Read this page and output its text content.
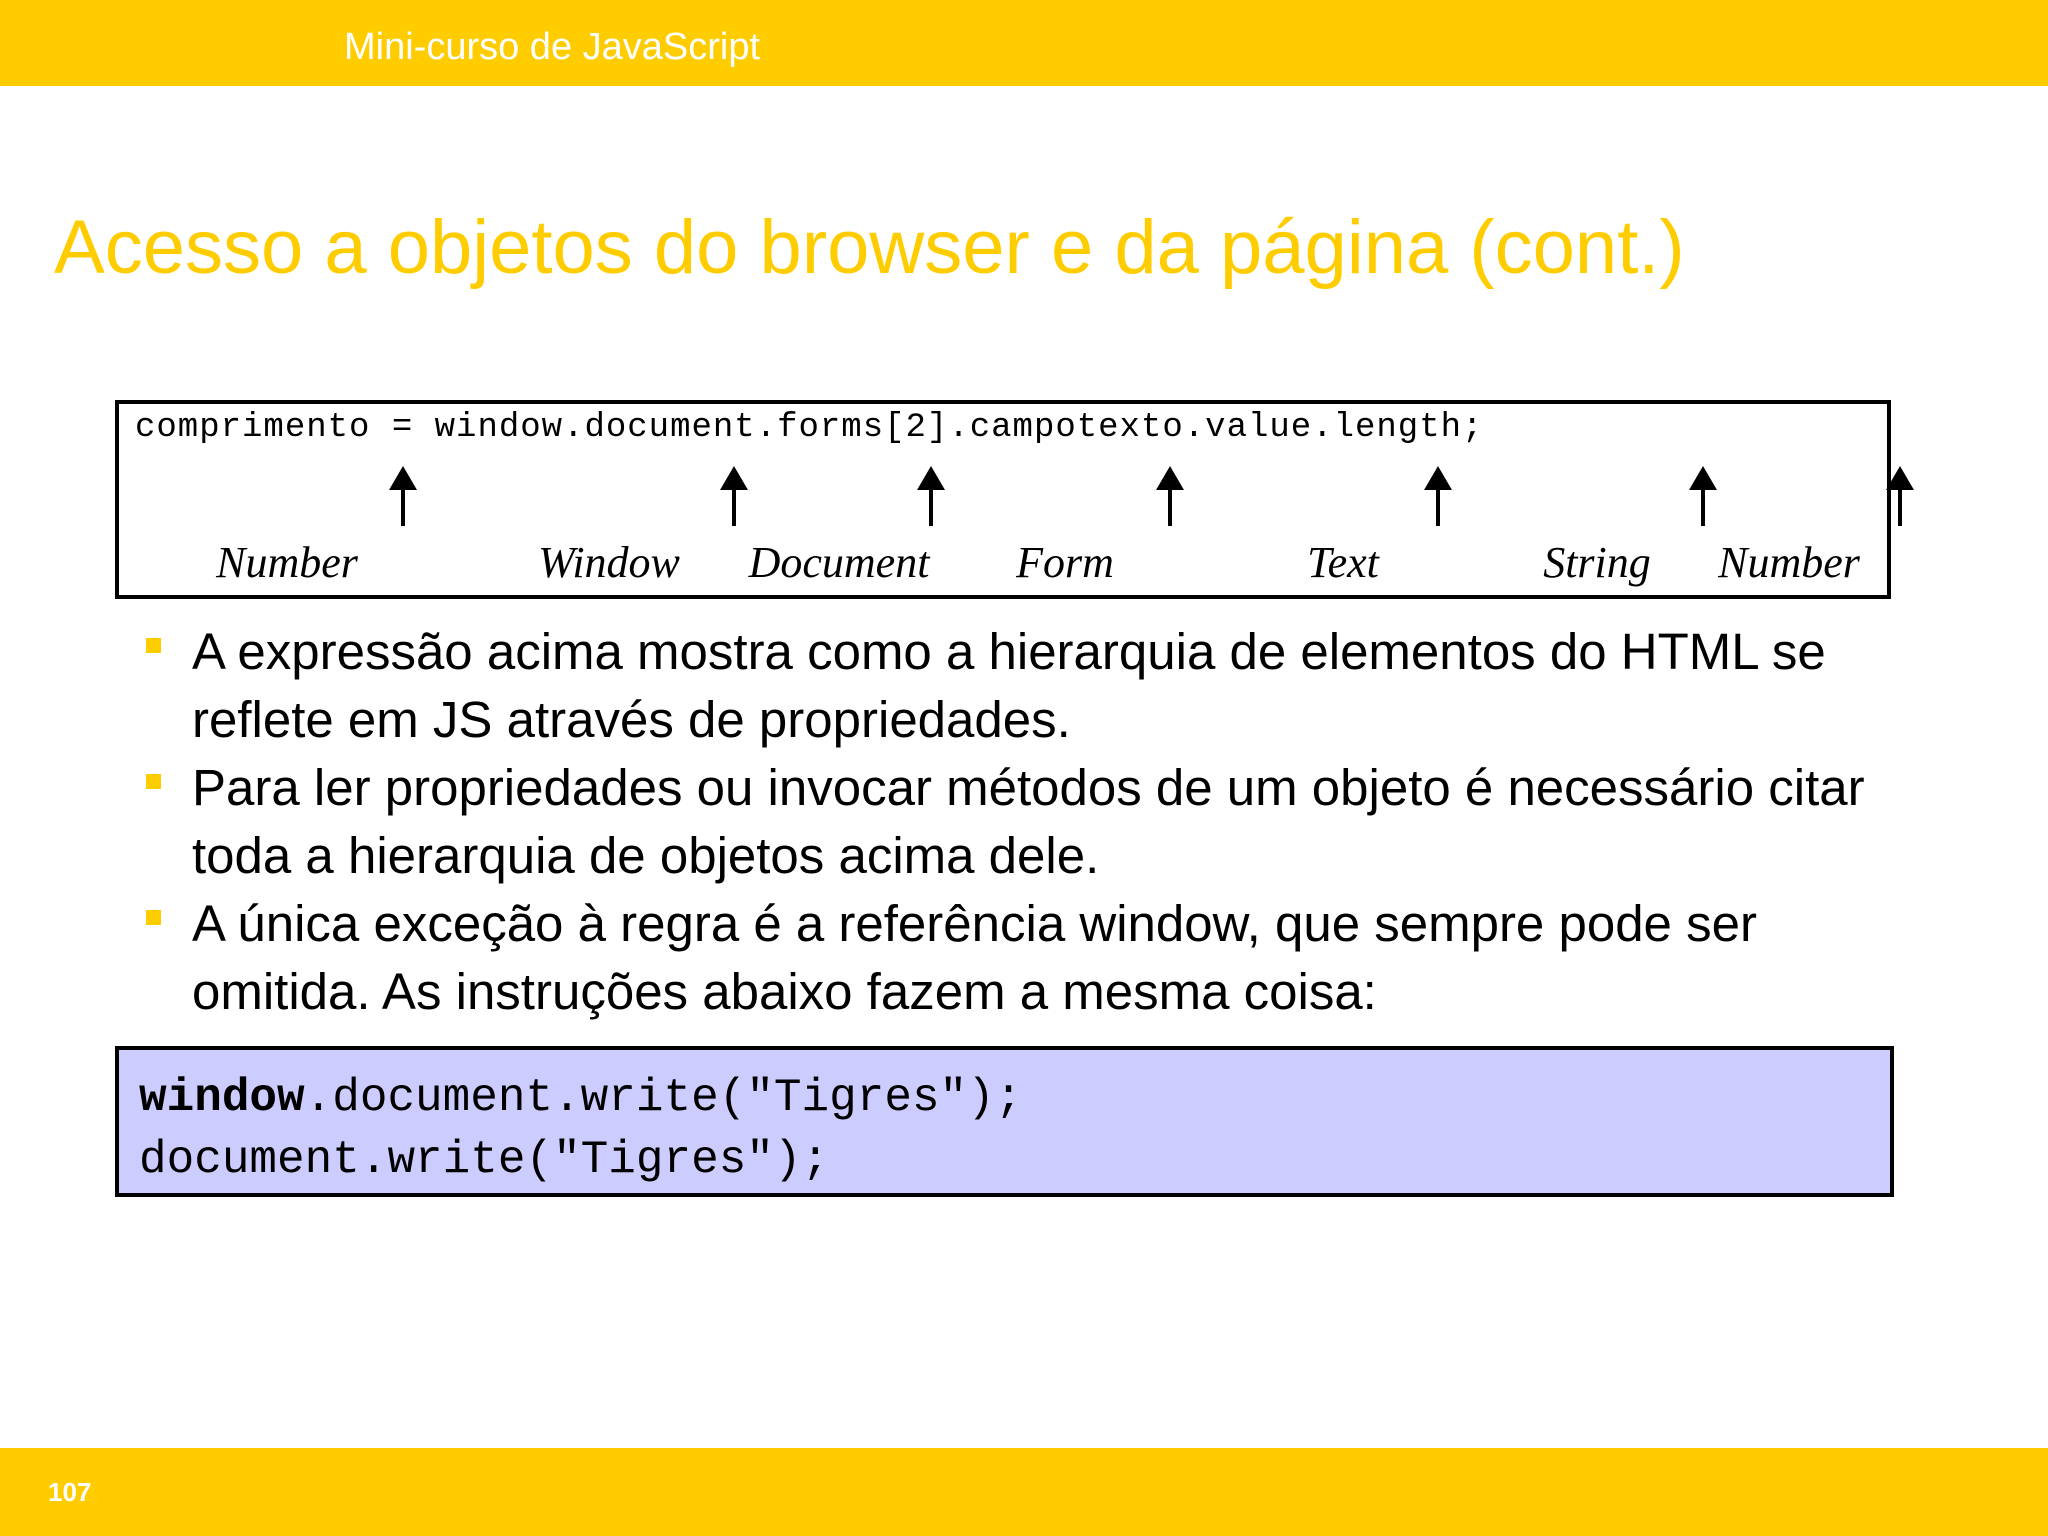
Mini-curso de JavaScript
Acesso a objetos do browser e da página (cont.)
comprimento = window.document.forms[2].campotexto.value.length;
Number	Window	Document	Form	Text	String	Number
A expressão acima mostra como a hierarquia de elementos do HTML se reflete em JS através de propriedades.
Para ler propriedades ou invocar métodos de um objeto é necessário citar toda a hierarquia de objetos acima dele.
A única exceção à regra é a referência window, que sempre pode ser omitida. As instruções abaixo fazem a mesma coisa:
window.document.write("Tigres");
document.write("Tigres");
107
